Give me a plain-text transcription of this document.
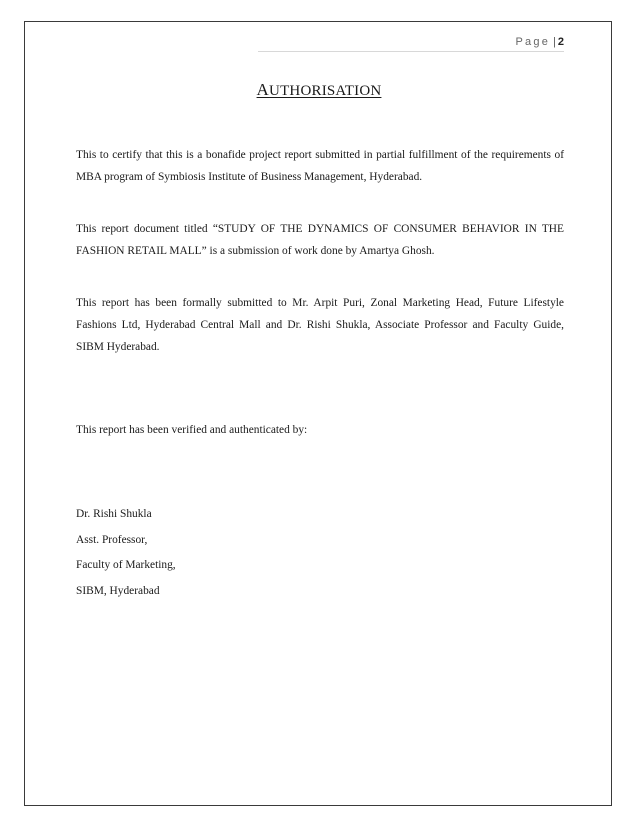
Page | 2
AUTHORISATION

This to certify that this is a bonafide project report submitted in partial fulfillment of the requirements of MBA program of Symbiosis Institute of Business Management, Hyderabad.

This report document titled “STUDY OF THE DYNAMICS OF CONSUMER BEHAVIOR IN THE FASHION RETAIL MALL” is a submission of work done by Amartya Ghosh.

This report has been formally submitted to Mr. Arpit Puri, Zonal Marketing Head, Future Lifestyle Fashions Ltd, Hyderabad Central Mall and Dr. Rishi Shukla, Associate Professor and Faculty Guide, SIBM Hyderabad.

This report has been verified and authenticated by:

Dr. Rishi Shukla

Asst. Professor,

Faculty of Marketing,

SIBM, Hyderabad
